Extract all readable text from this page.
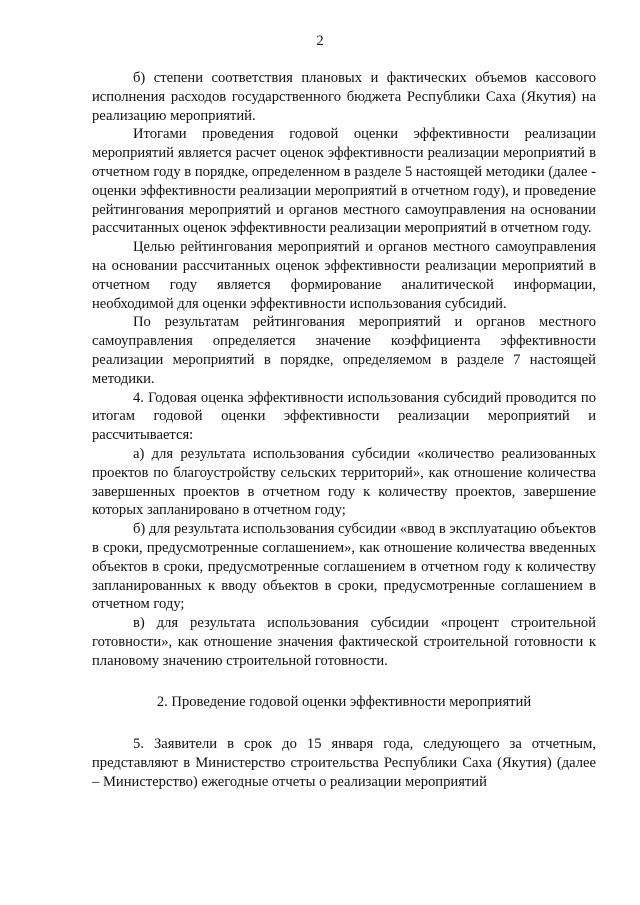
2

б) степени соответствия плановых и фактических объемов кассового исполнения расходов государственного бюджета Республики Саха (Якутия) на реализацию мероприятий.

Итогами проведения годовой оценки эффективности реализации мероприятий является расчет оценок эффективности реализации мероприятий в отчетном году в порядке, определенном в разделе 5 настоящей методики (далее - оценки эффективности реализации мероприятий в отчетном году), и проведение рейтингования мероприятий и органов местного самоуправления на основании рассчитанных оценок эффективности реализации мероприятий в отчетном году.

Целью рейтингования мероприятий и органов местного самоуправления на основании рассчитанных оценок эффективности реализации мероприятий в отчетном году является формирование аналитической информации, необходимой для оценки эффективности использования субсидий.

По результатам рейтингования мероприятий и органов местного самоуправления определяется значение коэффициента эффективности реализации мероприятий в порядке, определяемом в разделе 7 настоящей методики.

4. Годовая оценка эффективности использования субсидий проводится по итогам годовой оценки эффективности реализации мероприятий и рассчитывается:

а) для результата использования субсидии «количество реализованных проектов по благоустройству сельских территорий», как отношение количества завершенных проектов в отчетном году к количеству проектов, завершение которых запланировано в отчетном году;

б) для результата использования субсидии «ввод в эксплуатацию объектов в сроки, предусмотренные соглашением», как отношение количества введенных объектов в сроки, предусмотренные соглашением в отчетном году к количеству запланированных к вводу объектов в сроки, предусмотренные соглашением в отчетном году;

в) для результата использования субсидии «процент строительной готовности», как отношение значения фактической строительной готовности к плановому значению строительной готовности.

2. Проведение годовой оценки эффективности мероприятий

5. Заявители в срок до 15 января года, следующего за отчетным, представляют в Министерство строительства Республики Саха (Якутия) (далее – Министерство) ежегодные отчеты о реализации мероприятий
